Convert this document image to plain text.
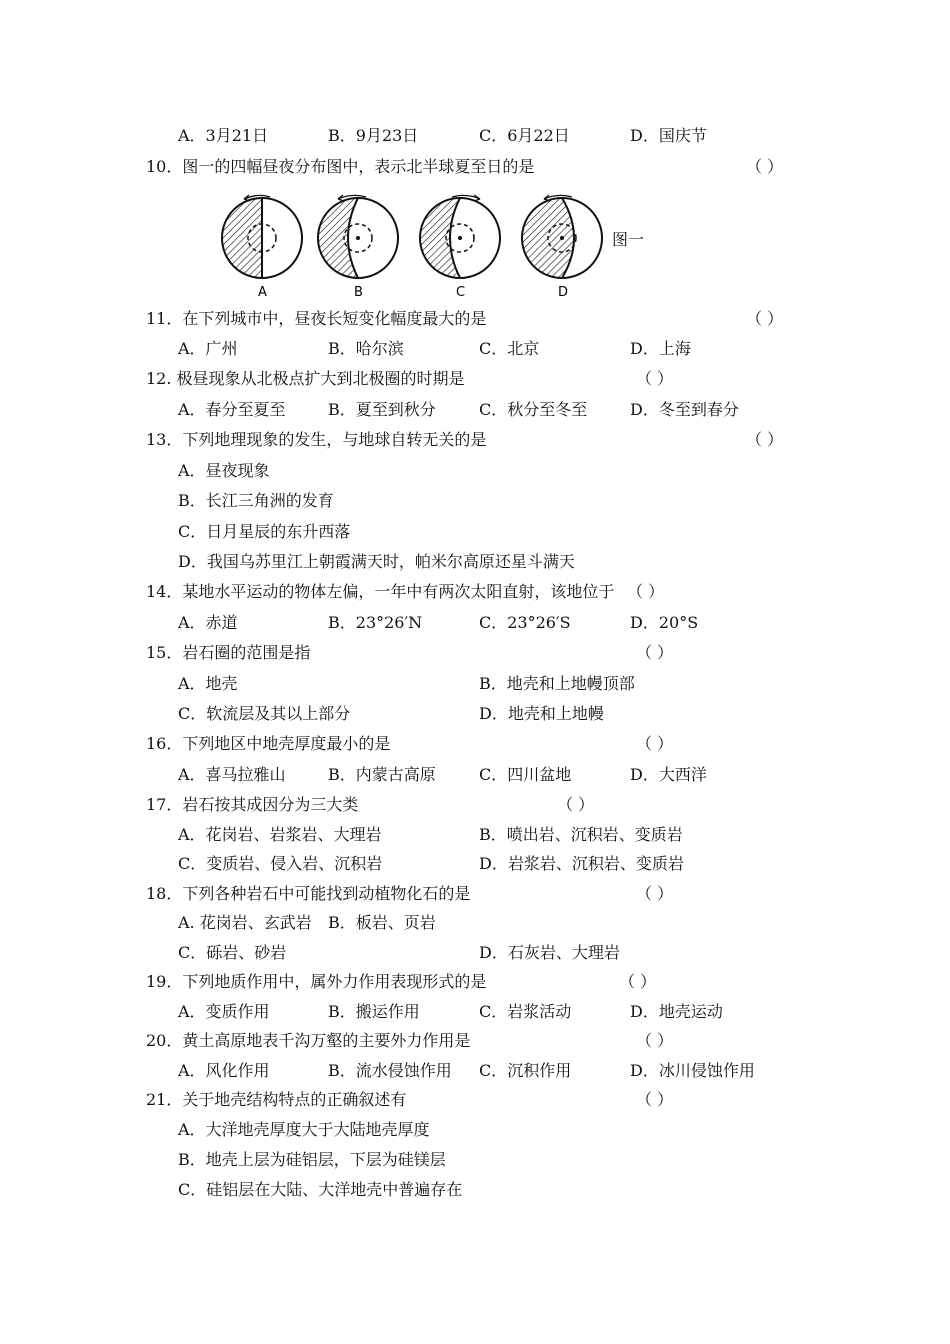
A．3月21日	B．9月23日	C．6月22日	D．国庆节
10．图一的四幅昼夜分布图中，表示北半球夏至日的是	（ ）
A	B	C	D
图一
11．在下列城市中，昼夜长短变化幅度最大的是	（ ）
A．广州	B．哈尔滨	C．北京	D．上海
12. 极昼现象从北极点扩大到北极圈的时期是	（ ）
A．春分至夏至	B．夏至到秋分	C．秋分至冬至	D．冬至到春分
13．下列地理现象的发生，与地球自转无关的是	（ ）
A．昼夜现象
B．长江三角洲的发育
C．日月星辰的东升西落
D．我国乌苏里江上朝霞满天时，帕米尔高原还星斗满天
14．某地水平运动的物体左偏，一年中有两次太阳直射，该地位于 （ ）
A．赤道	B．23°26′N	C．23°26′S	D．20°S
15．岩石圈的范围是指	（ ）
A．地壳	B．地壳和上地幔顶部
C．软流层及其以上部分	D．地壳和上地幔
16．下列地区中地壳厚度最小的是	（ ）
A．喜马拉雅山	B．内蒙古高原	C．四川盆地	D．大西洋
17．岩石按其成因分为三大类	（ ）
A．花岗岩、岩浆岩、大理岩	B．喷出岩、沉积岩、变质岩
C．变质岩、侵入岩、沉积岩	D．岩浆岩、沉积岩、变质岩
18．下列各种岩石中可能找到动植物化石的是	（ ）
A. 花岗岩、玄武岩 B．板岩、页岩
C．砾岩、砂岩	D．石灰岩、大理岩
19．下列地质作用中，属外力作用表现形式的是	（ ）
A．变质作用	B．搬运作用	C．岩浆活动	D．地壳运动
20．黄土高原地表千沟万壑的主要外力作用是	（ ）
A．风化作用	B．流水侵蚀作用 C．沉积作用	D．冰川侵蚀作用
21．关于地壳结构特点的正确叙述有	（ ）
A．大洋地壳厚度大于大陆地壳厚度
B．地壳上层为硅铝层，下层为硅镁层
C．硅铝层在大陆、大洋地壳中普遍存在
